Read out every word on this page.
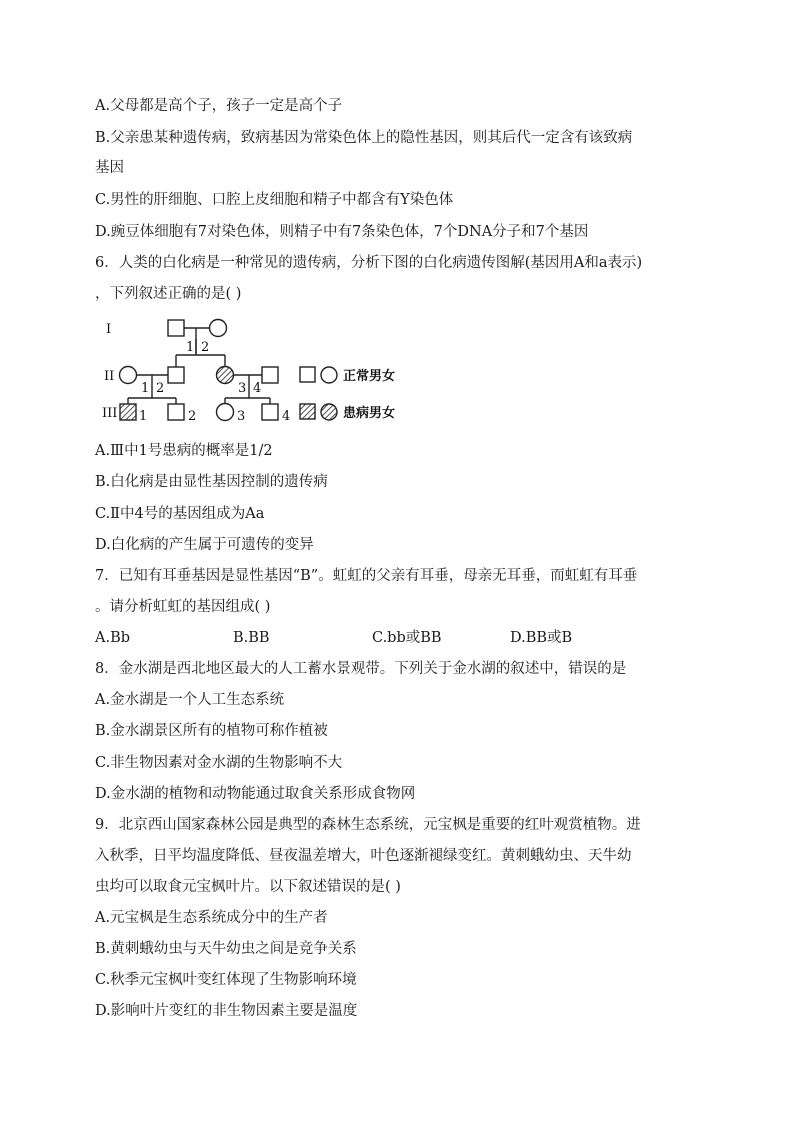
A.父母都是高个子，孩子一定是高个子
B.父亲患某种遗传病，致病基因为常染色体上的隐性基因，则其后代一定含有该致病
基因
C.男性的肝细胞、口腔上皮细胞和精子中都含有Y染色体
D.豌豆体细胞有7对染色体，则精子中有7条染色体，7个DNA分子和7个基因
6．人类的白化病是一种常见的遗传病，分析下图的白化病遗传图解(基因用A和a表示)
，下列叙述正确的是( )
I
II
III
1 2
1 2	3 4
1	2	3	4
正常男女
患病男女
A.Ⅲ中1号患病的概率是1/2
B.白化病是由显性基因控制的遗传病
C.Ⅱ中4号的基因组成为Aa
D.白化病的产生属于可遗传的变异
7．已知有耳垂基因是显性基因“B”。虹虹的父亲有耳垂，母亲无耳垂，而虹虹有耳垂
。请分析虹虹的基因组成( )
A.Bb	B.BB	C.bb或BB	D.BB或B
8．金水湖是西北地区最大的人工蓄水景观带。下列关于金水湖的叙述中，错误的是
A.金水湖是一个人工生态系统
B.金水湖景区所有的植物可称作植被
C.非生物因素对金水湖的生物影响不大
D.金水湖的植物和动物能通过取食关系形成食物网
9．北京西山国家森林公园是典型的森林生态系统，元宝枫是重要的红叶观赏植物。进
入秋季，日平均温度降低、昼夜温差增大，叶色逐渐褪绿变红。黄刺蛾幼虫、天牛幼
虫均可以取食元宝枫叶片。以下叙述错误的是( )
A.元宝枫是生态系统成分中的生产者
B.黄刺蛾幼虫与天牛幼虫之间是竞争关系
C.秋季元宝枫叶变红体现了生物影响环境
D.影响叶片变红的非生物因素主要是温度
